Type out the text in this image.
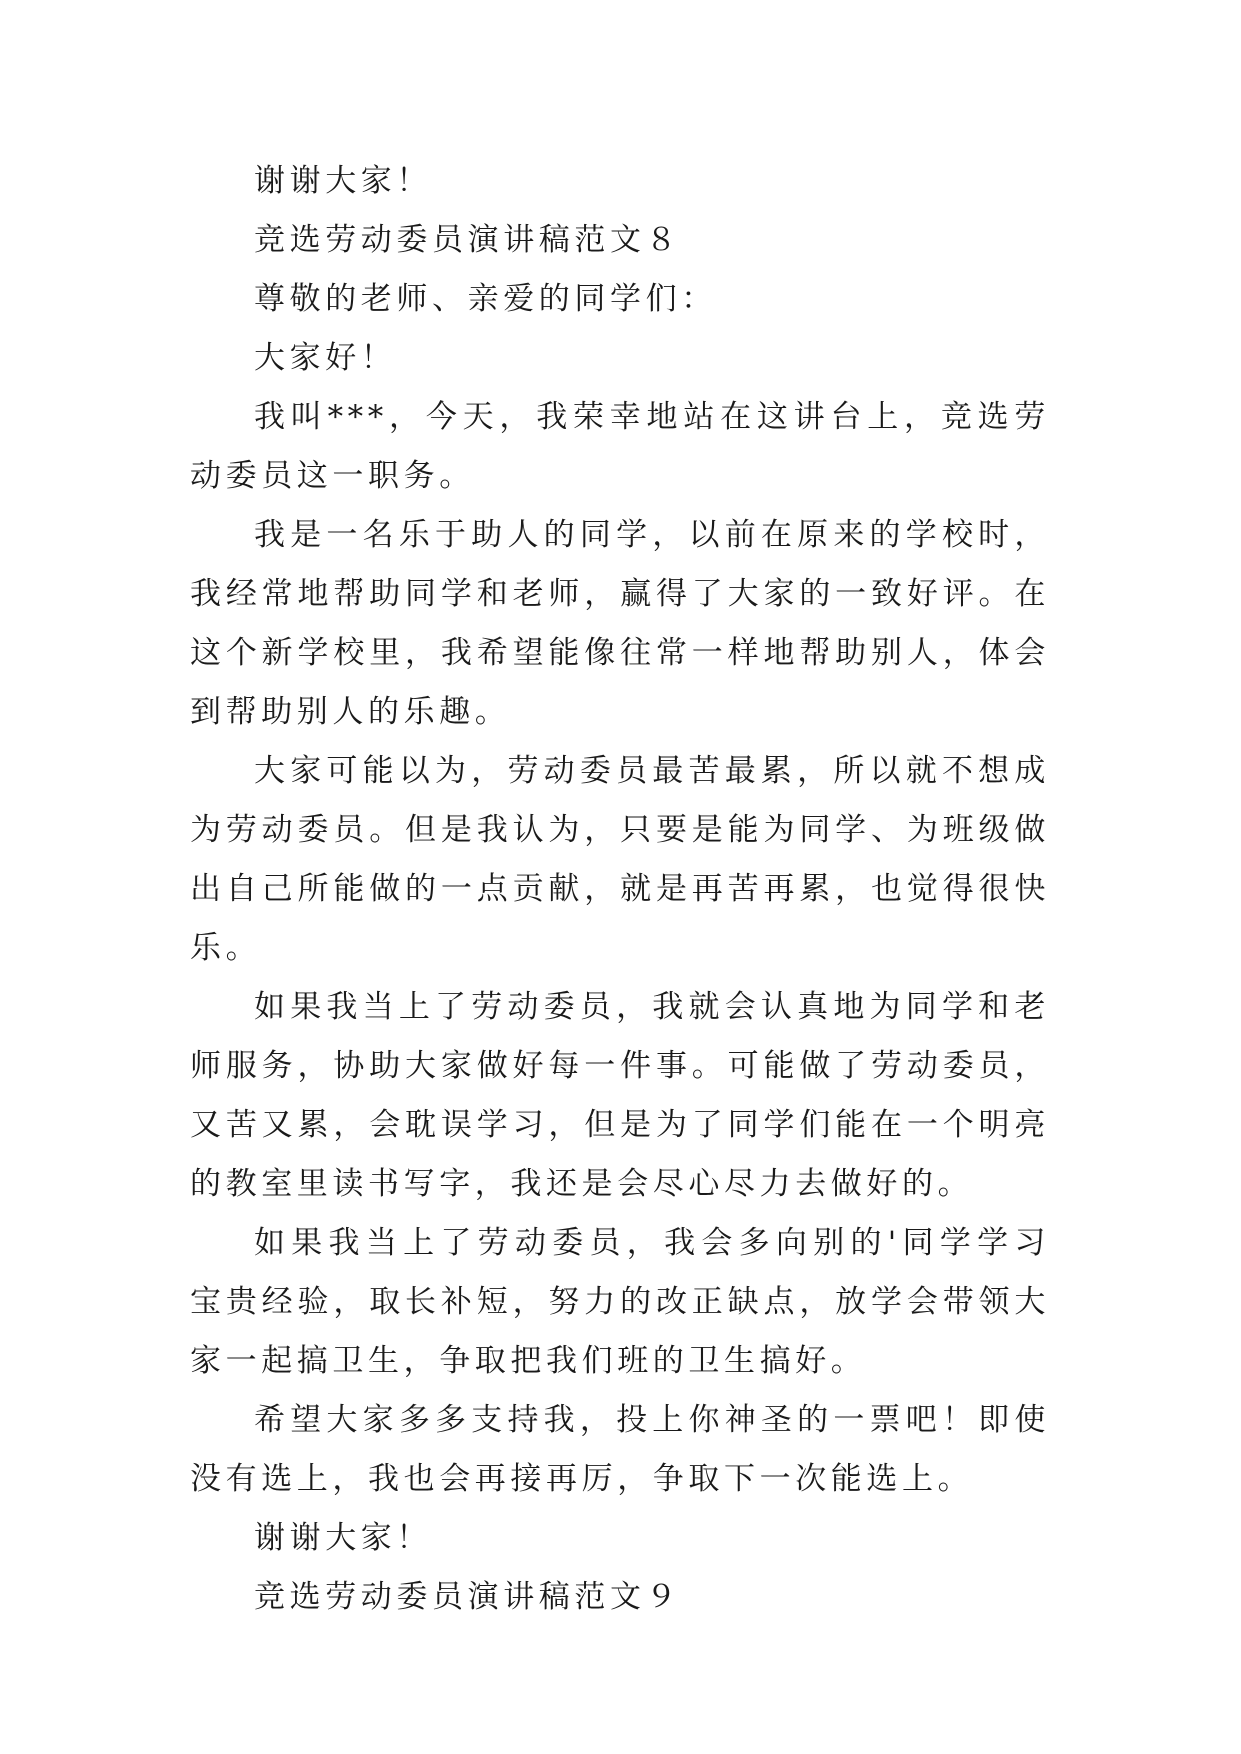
谢谢大家！

竞选劳动委员演讲稿范文８

尊敬的老师、亲爱的同学们：

大家好！

我叫***，今天，我荣幸地站在这讲台上，竞选劳动委员这一职务。

我是一名乐于助人的同学，以前在原来的学校时，我经常地帮助同学和老师，赢得了大家的一致好评。在这个新学校里，我希望能像往常一样地帮助别人，体会到帮助别人的乐趣。

大家可能以为，劳动委员最苦最累，所以就不想成为劳动委员。但是我认为，只要是能为同学、为班级做出自己所能做的一点贡献，就是再苦再累，也觉得很快乐。

如果我当上了劳动委员，我就会认真地为同学和老师服务，协助大家做好每一件事。可能做了劳动委员，又苦又累，会耽误学习，但是为了同学们能在一个明亮的教室里读书写字，我还是会尽心尽力去做好的。

如果我当上了劳动委员，我会多向别的'同学学习宝贵经验，取长补短，努力的改正缺点，放学会带领大家一起搞卫生，争取把我们班的卫生搞好。

希望大家多多支持我，投上你神圣的一票吧！即使没有选上，我也会再接再厉，争取下一次能选上。

谢谢大家！

竞选劳动委员演讲稿范文９
